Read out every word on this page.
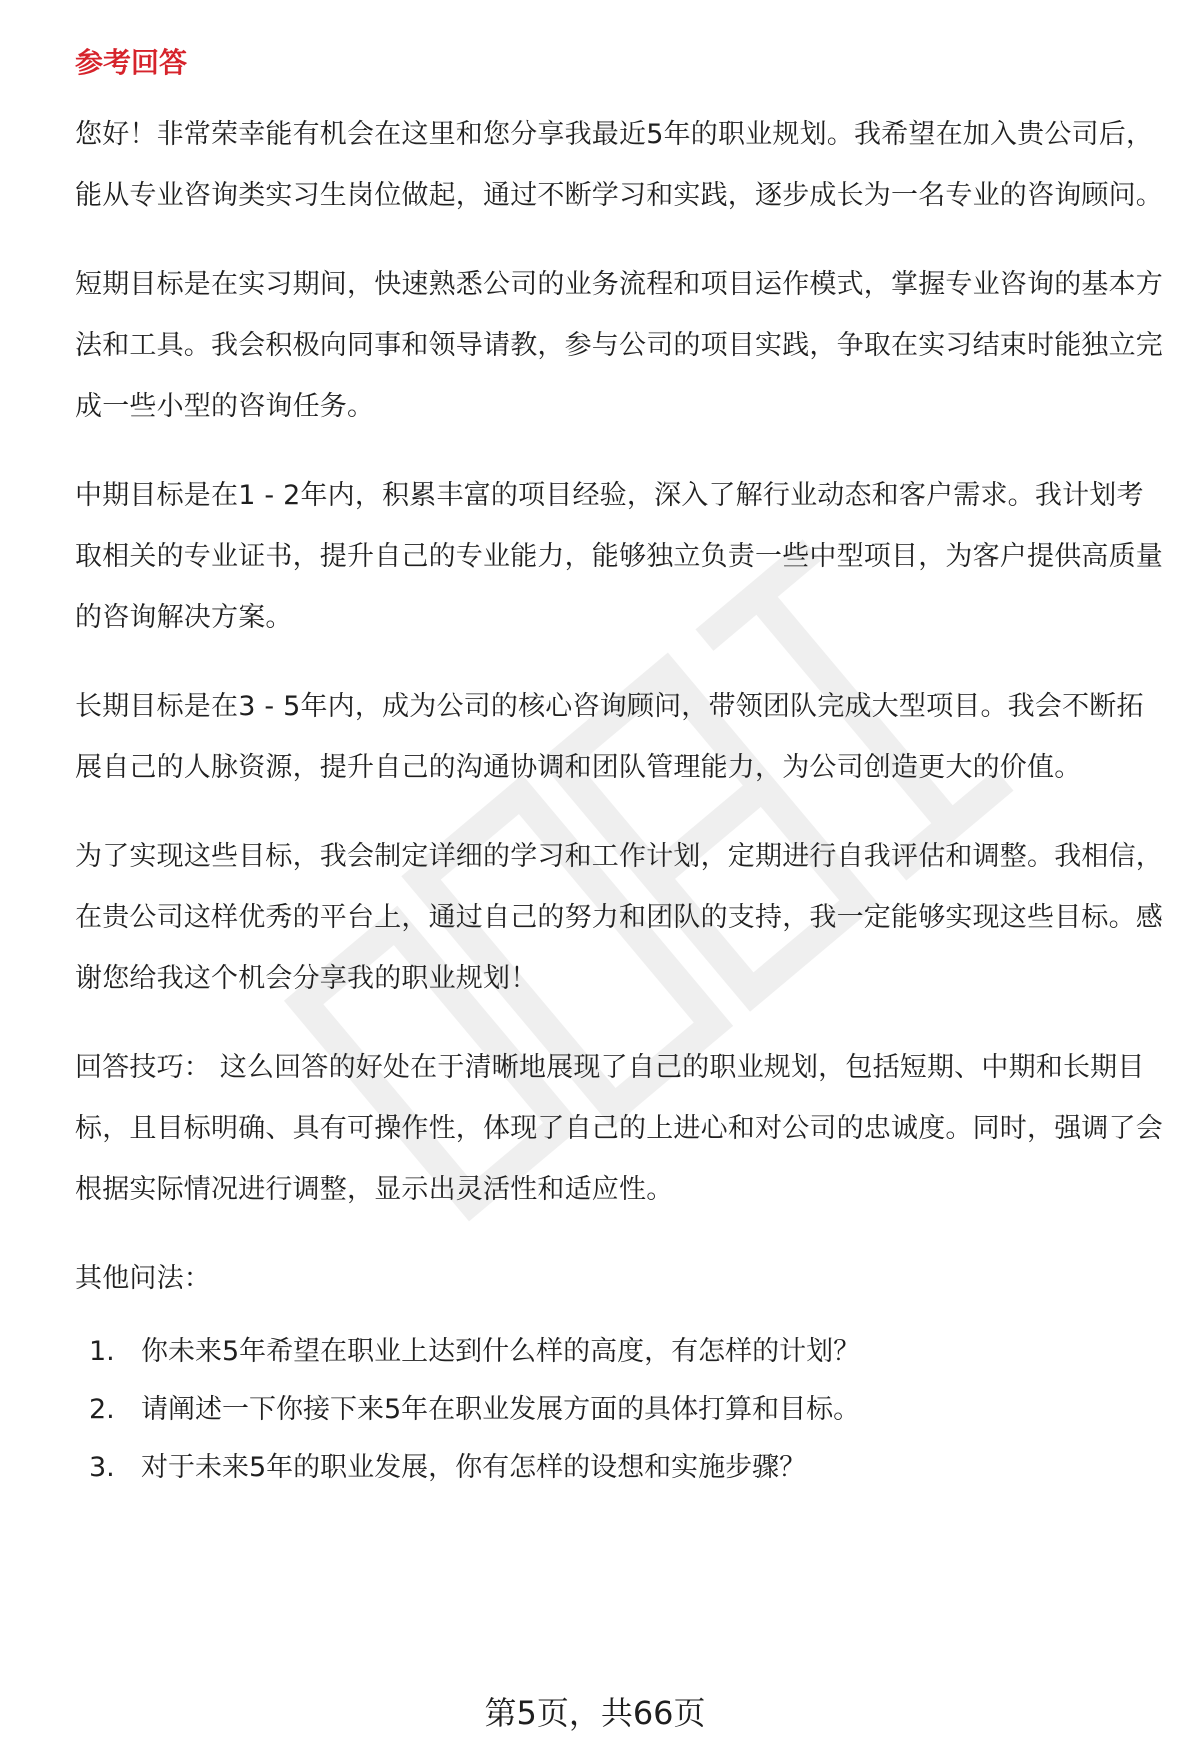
参考回答

您好！非常荣幸能有机会在这里和您分享我最近5年的职业规划。我希望在加入贵公司后，能从专业咨询类实习生岗位做起，通过不断学习和实践，逐步成长为一名专业的咨询顾问。

短期目标是在实习期间，快速熟悉公司的业务流程和项目运作模式，掌握专业咨询的基本方法和工具。我会积极向同事和领导请教，参与公司的项目实践，争取在实习结束时能独立完成一些小型的咨询任务。

中期目标是在1 - 2年内，积累丰富的项目经验，深入了解行业动态和客户需求。我计划考取相关的专业证书，提升自己的专业能力，能够独立负责一些中型项目，为客户提供高质量的咨询解决方案。

长期目标是在3 - 5年内，成为公司的核心咨询顾问，带领团队完成大型项目。我会不断拓展自己的人脉资源，提升自己的沟通协调和团队管理能力，为公司创造更大的价值。

为了实现这些目标，我会制定详细的学习和工作计划，定期进行自我评估和调整。我相信，在贵公司这样优秀的平台上，通过自己的努力和团队的支持，我一定能够实现这些目标。感谢您给我这个机会分享我的职业规划！

回答技巧： 这么回答的好处在于清晰地展现了自己的职业规划，包括短期、中期和长期目标，且目标明确、具有可操作性，体现了自己的上进心和对公司的忠诚度。同时，强调了会根据实际情况进行调整，显示出灵活性和适应性。

其他问法：

1. 你未来5年希望在职业上达到什么样的高度，有怎样的计划？
2. 请阐述一下你接下来5年在职业发展方面的具体打算和目标。
3. 对于未来5年的职业发展，你有怎样的设想和实施步骤？
第5页，共66页
